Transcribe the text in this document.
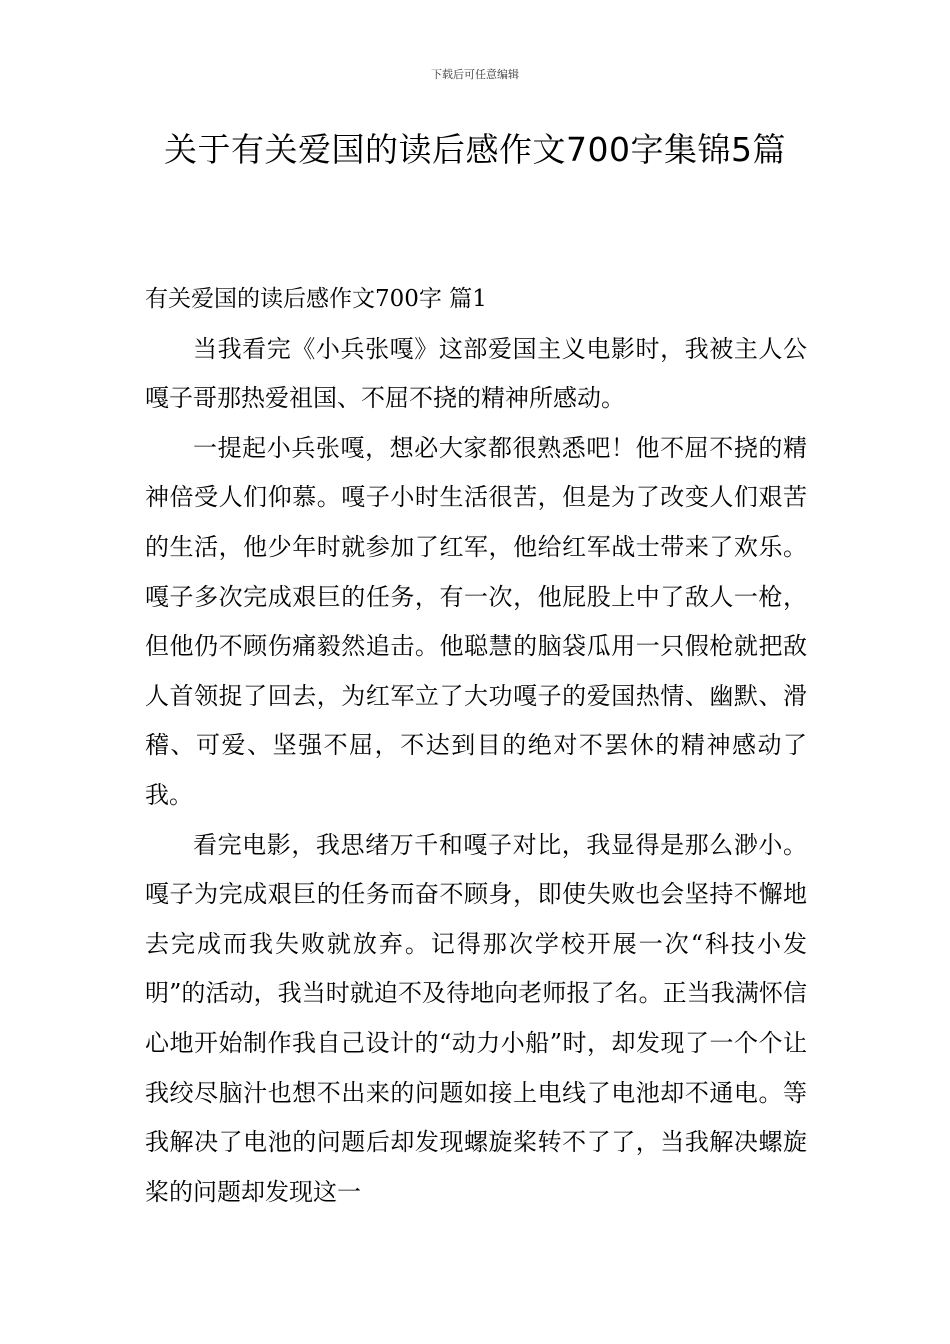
下载后可任意编辑
关于有关爱国的读后感作文700字集锦5篇
有关爱国的读后感作文700字 篇1

当我看完《小兵张嘎》这部爱国主义电影时，我被主人公嘎子哥那热爱祖国、不屈不挠的精神所感动。

一提起小兵张嘎，想必大家都很熟悉吧！他不屈不挠的精神倍受人们仰慕。嘎子小时生活很苦，但是为了改变人们艰苦的生活，他少年时就参加了红军，他给红军战士带来了欢乐。嘎子多次完成艰巨的任务，有一次，他屁股上中了敌人一枪，但他仍不顾伤痛毅然追击。他聪慧的脑袋瓜用一只假枪就把敌人首领捉了回去，为红军立了大功嘎子的爱国热情、幽默、滑稽、可爱、坚强不屈，不达到目的绝对不罢休的精神感动了我。

看完电影，我思绪万千和嘎子对比，我显得是那么渺小。嘎子为完成艰巨的任务而奋不顾身，即使失败也会坚持不懈地去完成而我失败就放弃。记得那次学校开展一次“科技小发明”的活动，我当时就迫不及待地向老师报了名。正当我满怀信心地开始制作我自己设计的“动力小船”时，却发现了一个个让我绞尽脑汁也想不出来的问题如接上电线了电池却不通电。等我解决了电池的问题后却发现螺旋桨转不了了，当我解决螺旋桨的问题却发现这一
